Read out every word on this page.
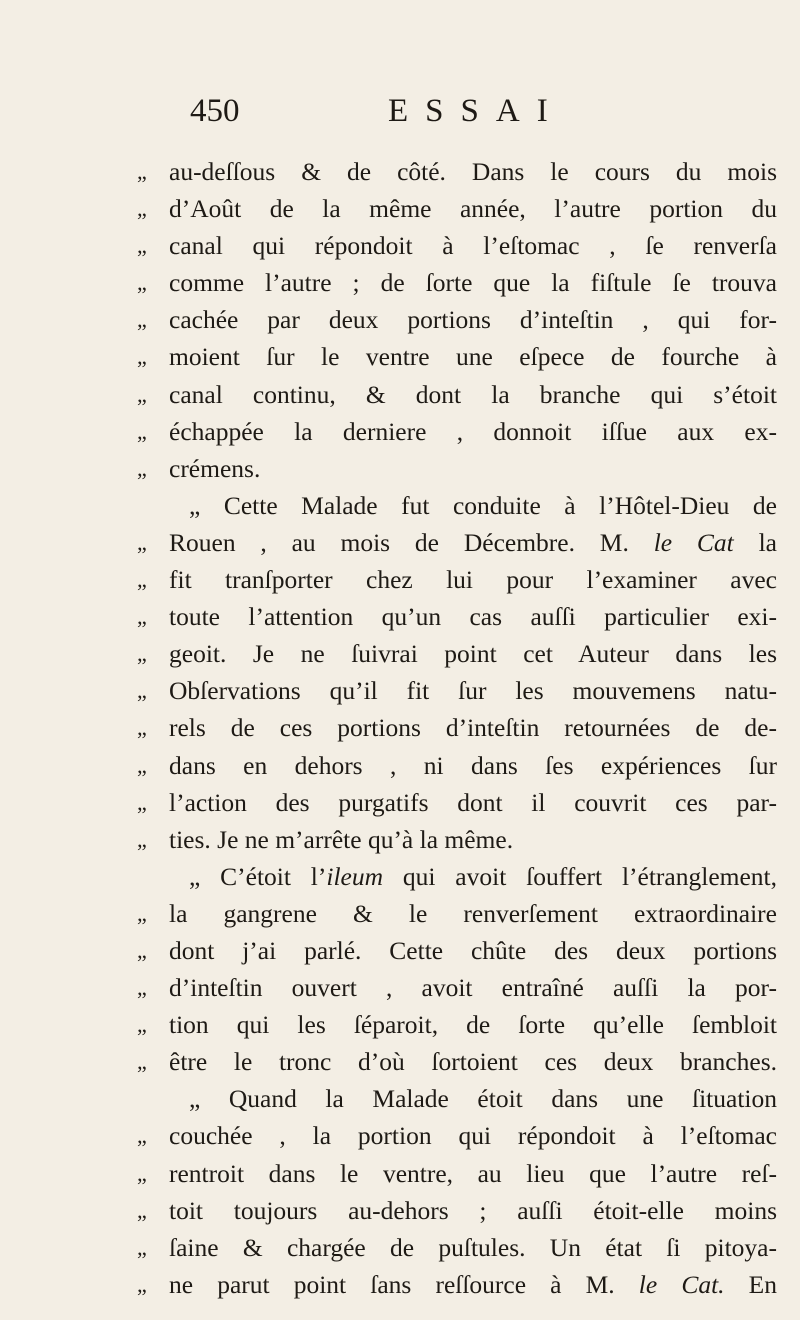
450	ESSAI
„ au-deſſous & de côté. Dans le cours du mois
„ d’Août de la même année, l’autre portion du
„ canal qui répondoit à l’eſtomac , ſe renverſa
„ comme l’autre ; de ſorte que la fiſtule ſe trouva
„ cachée par deux portions d’inteſtin , qui for-
„ moient ſur le ventre une eſpece de fourche à
„ canal continu, & dont la branche qui s’étoit
„ échappée la derniere , donnoit iſſue aux ex-
„ crémens.
„ Cette Malade fut conduite à l’Hôtel-Dieu de
„ Rouen , au mois de Décembre. M. le Cat la
„ fit tranſporter chez lui pour l’examiner avec
„ toute l’attention qu’un cas auſſi particulier exi-
„ geoit. Je ne ſuivrai point cet Auteur dans les
„ Obſervations qu’il fit ſur les mouvemens natu-
„ rels de ces portions d’inteſtin retournées de de-
„ dans en dehors , ni dans ſes expériences ſur
„ l’action des purgatifs dont il couvrit ces par-
„ ties. Je ne m’arrête qu’à la même.
„ C’étoit l’ileum qui avoit ſouffert l’étranglement,
„ la gangrene & le renverſement extraordinaire
„ dont j’ai parlé. Cette chûte des deux portions
„ d’inteſtin ouvert , avoit entraîné auſſi la por-
„ tion qui les ſéparoit, de ſorte qu’elle ſembloit
„ être le tronc d’où ſortoient ces deux branches.
„ Quand la Malade étoit dans une ſituation
„ couchée , la portion qui répondoit à l’eſtomac
„ rentroit dans le ventre, au lieu que l’autre reſ-
„ toit toujours au-dehors ; auſſi étoit-elle moins
„ ſaine & chargée de puſtules. Un état ſi pitoya-
„ ne parut point ſans reſſource à M. le Cat. En
